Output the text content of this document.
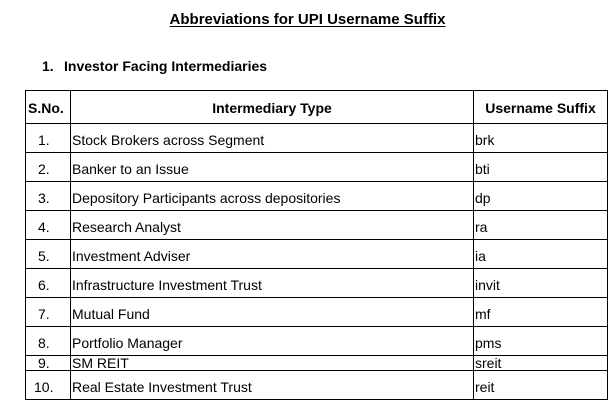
Abbreviations for UPI Username Suffix
1. Investor Facing Intermediaries
S.No.	Intermediary Type	Username Suffix
1.	Stock Brokers across Segment	brk
2.	Banker to an Issue	bti
3.	Depository Participants across depositories	dp
4.	Research Analyst	ra
5.	Investment Adviser	ia
6.	Infrastructure Investment Trust	invit
7.	Mutual Fund	mf
8.	Portfolio Manager	pms
9.	SM REIT	sreit
10.	Real Estate Investment Trust	reit
